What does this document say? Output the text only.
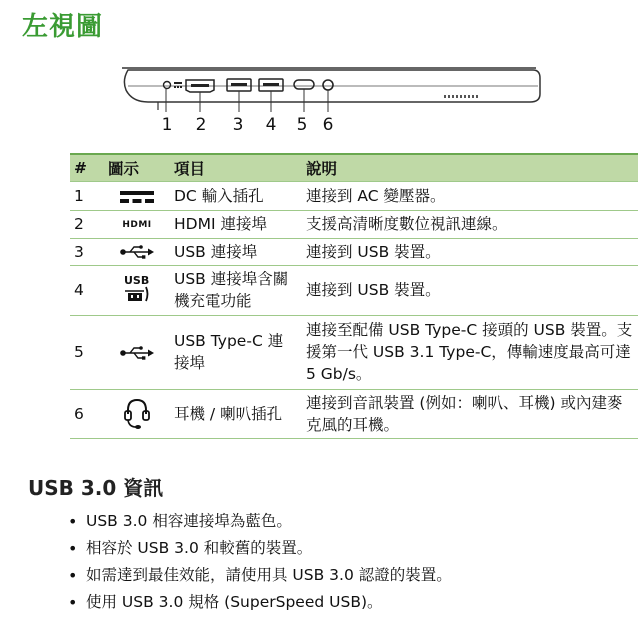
左視圖
1 2 3 4 5 6
#	圖示	項目	說明
1		DC 輸入插孔	連接到 AC 變壓器。
2	HDMI	HDMI 連接埠	支援高清晰度數位視訊連線。
3		USB 連接埠	連接到 USB 裝置。
4	USB	USB 連接埠含關機充電功能	連接到 USB 裝置。
5		USB Type-C 連接埠	連接至配備 USB Type-C 接頭的 USB 裝置。支援第一代 USB 3.1 Type-C，傳輸速度最高可達 5 Gb/s。
6		耳機 / 喇叭插孔	連接到音訊裝置 (例如：喇叭、耳機) 或內建麥克風的耳機。
USB 3.0 資訊
• USB 3.0 相容連接埠為藍色。
• 相容於 USB 3.0 和較舊的裝置。
• 如需達到最佳效能，請使用具 USB 3.0 認證的裝置。
• 使用 USB 3.0 規格 (SuperSpeed USB)。
